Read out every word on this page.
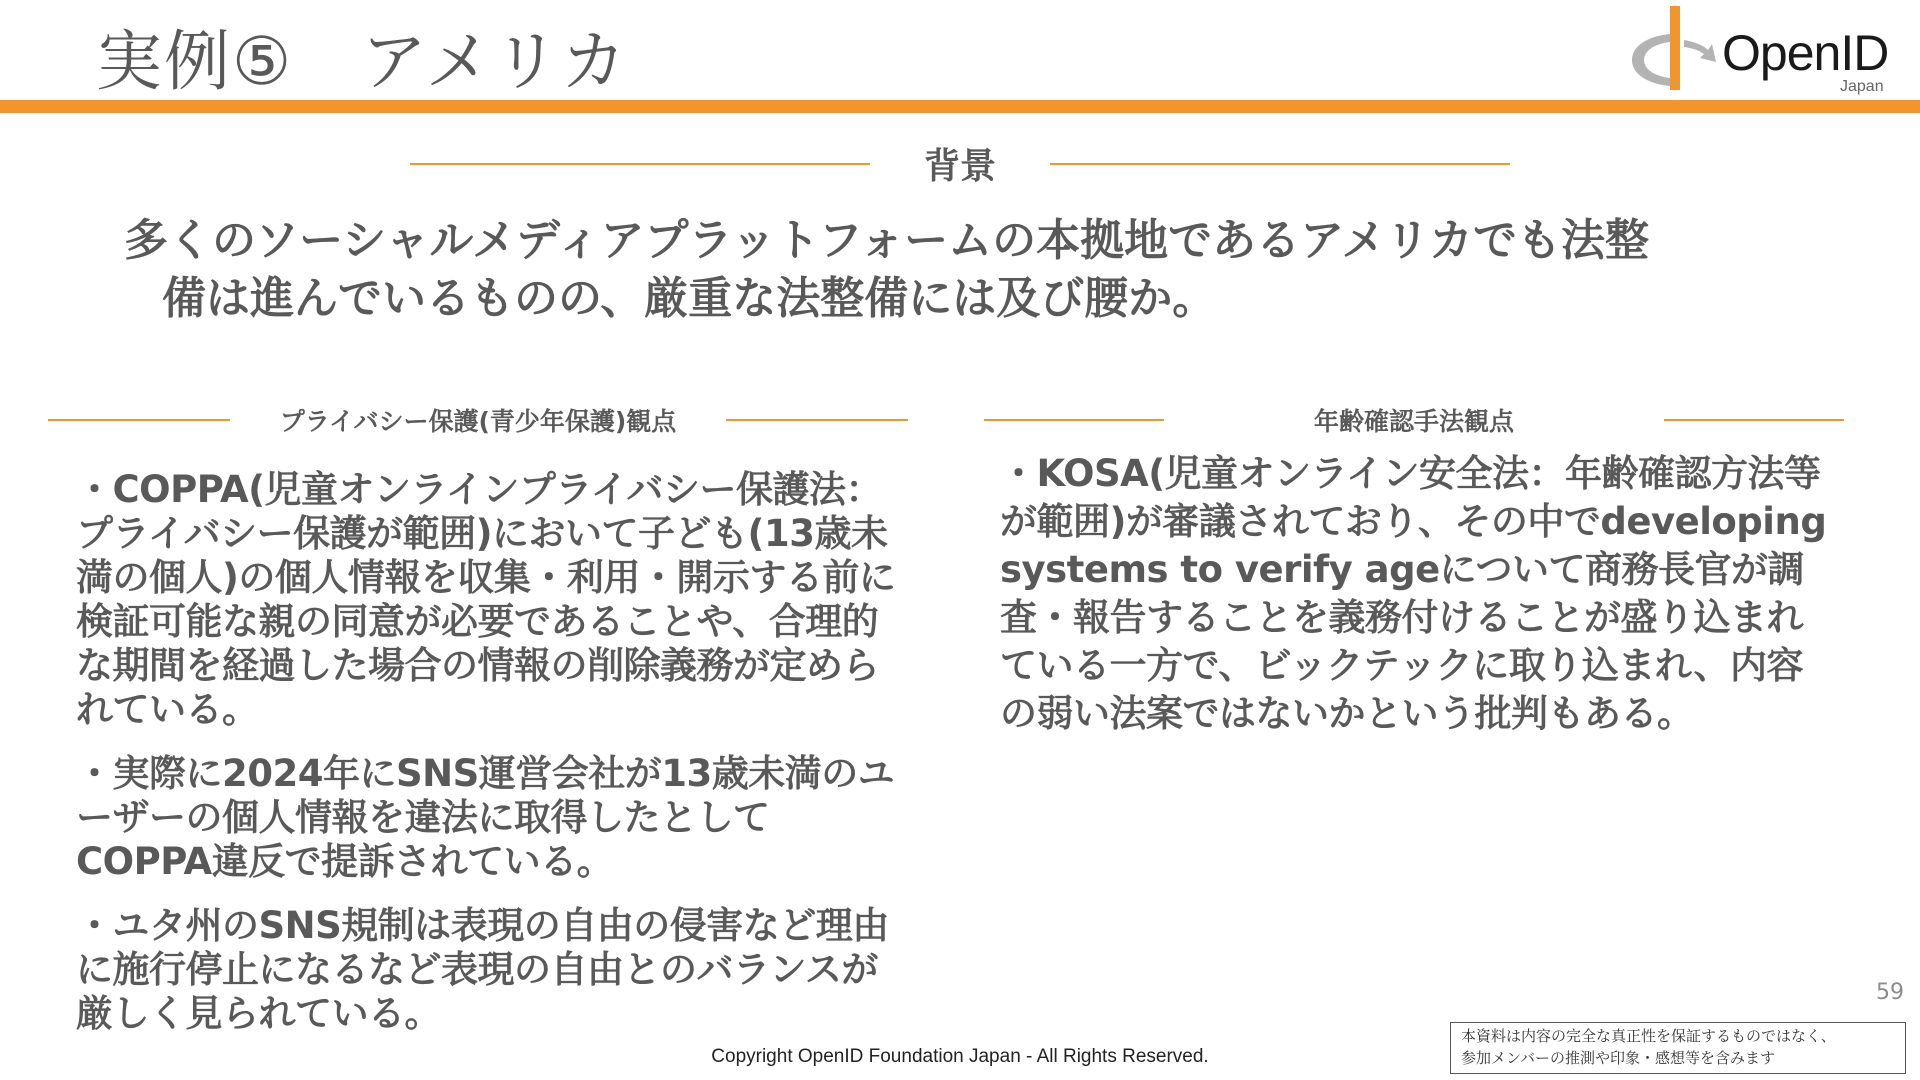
実例⑤　アメリカ	OpenID
Japan
背景
多くのソーシャルメディアプラットフォームの本拠地であるアメリカでも法整
備は進んでいるものの、厳重な法整備には及び腰か。
プライバシー保護(青少年保護)観点

・COPPA(児童オンラインプライバシー保護法：プライバシー保護が範囲)において子ども(13歳未満の個人)の個人情報を収集・利用・開示する前に検証可能な親の同意が必要であることや、合理的な期間を経過した場合の情報の削除義務が定められている。

・実際に2024年にSNS運営会社が13歳未満のユーザーの個人情報を違法に取得したとしてCOPPA違反で提訴されている。

・ユタ州のSNS規制は表現の自由の侵害など理由に施行停止になるなど表現の自由とのバランスが厳しく見られている。

年齢確認手法観点

・KOSA(児童オンライン安全法：年齢確認方法等が範囲)が審議されており、その中でdeveloping systems to verify ageについて商務長官が調査・報告することを義務付けることが盛り込まれている一方で、ビックテックに取り込まれ、内容の弱い法案ではないかという批判もある。

59
本資料は内容の完全な真正性を保証するものではなく、
参加メンバーの推測や印象・感想等を含みます
Copyright OpenID Foundation Japan - All Rights Reserved.
